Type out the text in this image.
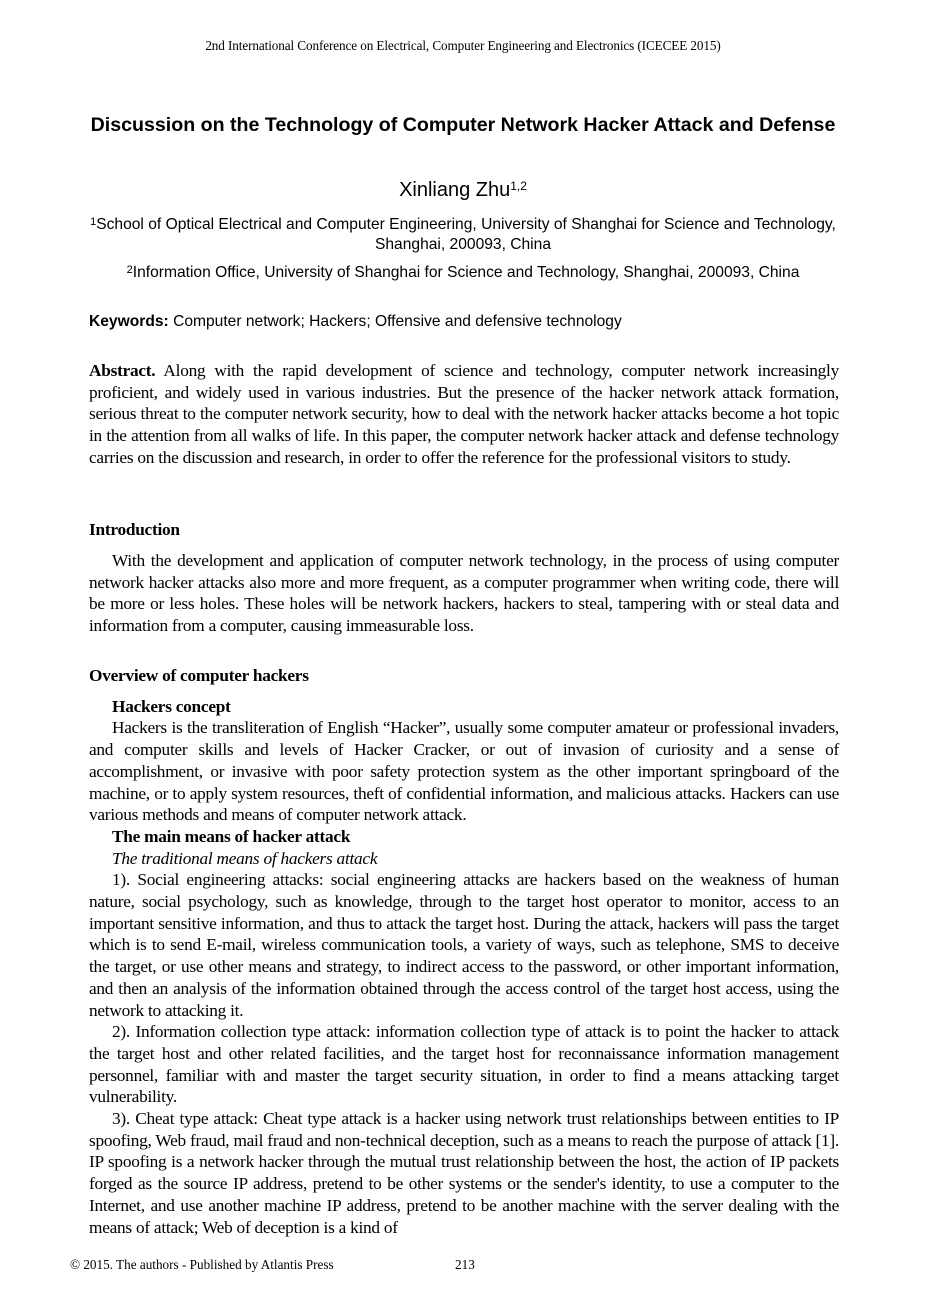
2nd International Conference on Electrical, Computer Engineering and Electronics (ICECEE 2015)
Discussion on the Technology of Computer Network Hacker Attack and Defense
Xinliang Zhu$^{1,2}$
$^1$School of Optical Electrical and Computer Engineering, University of Shanghai for Science and Technology, Shanghai, 200093, China
$^2$Information Office, University of Shanghai for Science and Technology, Shanghai, 200093, China
Keywords: Computer network; Hackers; Offensive and defensive technology

Abstract. Along with the rapid development of science and technology, computer network increasingly proficient, and widely used in various industries. But the presence of the hacker network attack formation, serious threat to the computer network security, how to deal with the network hacker attacks become a hot topic in the attention from all walks of life. In this paper, the computer network hacker attack and defense technology carries on the discussion and research, in order to offer the reference for the professional visitors to study.

Introduction

With the development and application of computer network technology, in the process of using computer network hacker attacks also more and more frequent, as a computer programmer when writing code, there will be more or less holes. These holes will be network hackers, hackers to steal, tampering with or steal data and information from a computer, causing immeasurable loss.

Overview of computer hackers

Hackers concept

Hackers is the transliteration of English “Hacker”, usually some computer amateur or professional invaders, and computer skills and levels of Hacker Cracker, or out of invasion of curiosity and a sense of accomplishment, or invasive with poor safety protection system as the other important springboard of the machine, or to apply system resources, theft of confidential information, and malicious attacks. Hackers can use various methods and means of computer network attack.

The main means of hacker attack

The traditional means of hackers attack

1). Social engineering attacks: social engineering attacks are hackers based on the weakness of human nature, social psychology, such as knowledge, through to the target host operator to monitor, access to an important sensitive information, and thus to attack the target host. During the attack, hackers will pass the target which is to send E-mail, wireless communication tools, a variety of ways, such as telephone, SMS to deceive the target, or use other means and strategy, to indirect access to the password, or other important information, and then an analysis of the information obtained through the access control of the target host access, using the network to attacking it.

2). Information collection type attack: information collection type of attack is to point the hacker to attack the target host and other related facilities, and the target host for reconnaissance information management personnel, familiar with and master the target security situation, in order to find a means attacking target vulnerability.

3). Cheat type attack: Cheat type attack is a hacker using network trust relationships between entities to IP spoofing, Web fraud, mail fraud and non-technical deception, such as a means to reach the purpose of attack [1]. IP spoofing is a network hacker through the mutual trust relationship between the host, the action of IP packets forged as the source IP address, pretend to be other systems or the sender's identity, to use a computer to the Internet, and use another machine IP address, pretend to be another machine with the server dealing with the means of attack; Web of deception is a kind of

© 2015. The authors - Published by Atlantis Press	213
